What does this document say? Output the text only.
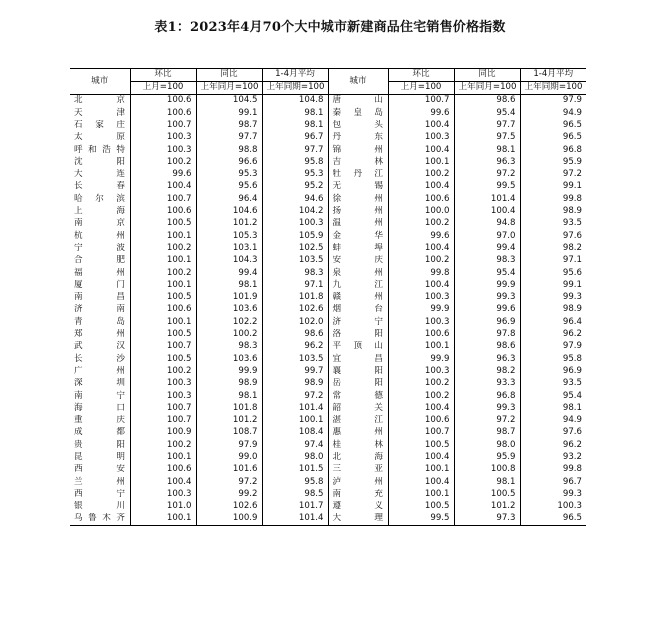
表1：2023年4月70个大中城市新建商品住宅销售价格指数
城市	环比	同比	1-4月平均	城市	环比	同比	1-4月平均
	上月=100	上年同月=100	上年同期=100		上月=100	上年同月=100	上年同期=100
北　京	100.6	104.5	104.8	唐　山	100.7	98.6	97.9
天　津	100.6	99.1	98.1	秦皇岛	99.6	95.4	94.9
石家庄	100.7	98.7	98.1	包　头	100.4	97.7	96.5
太　原	100.3	97.7	96.7	丹　东	100.3	97.5	96.5
呼和浩特	100.3	98.8	97.7	锦　州	100.4	98.1	96.8
沈　阳	100.2	96.6	95.8	吉　林	100.1	96.3	95.9
大　连	99.6	95.3	95.3	牡丹江	100.2	97.2	97.2
长　春	100.4	95.6	95.2	无　锡	100.4	99.5	99.1
哈尔滨	100.7	96.4	94.6	徐　州	100.6	101.4	99.8
上　海	100.6	104.6	104.2	扬　州	100.0	100.4	98.9
南　京	100.5	101.2	100.3	温　州	100.2	94.8	93.5
杭　州	100.1	105.3	105.9	金　华	99.6	97.0	97.6
宁　波	100.2	103.1	102.5	蚌　埠	100.4	99.4	98.2
合　肥	100.1	104.3	103.5	安　庆	100.2	98.3	97.1
福　州	100.2	99.4	98.3	泉　州	99.8	95.4	95.6
厦　门	100.1	98.1	97.1	九　江	100.4	99.9	99.1
南　昌	100.5	101.9	101.8	赣　州	100.3	99.3	99.3
济　南	100.6	103.6	102.6	烟　台	99.9	99.6	98.9
青　岛	100.1	102.2	102.0	济　宁	100.3	96.9	96.4
郑　州	100.5	100.2	98.6	洛　阳	100.6	97.8	96.2
武　汉	100.7	98.3	96.2	平顶山	100.1	98.6	97.9
长　沙	100.5	103.6	103.5	宜　昌	99.9	96.3	95.8
广　州	100.2	99.9	99.7	襄　阳	100.3	98.2	96.9
深　圳	100.3	98.9	98.9	岳　阳	100.2	93.3	93.5
南　宁	100.3	98.1	97.2	常　德	100.2	96.8	95.4
海　口	100.7	101.8	101.4	韶　关	100.4	99.3	98.1
重　庆	100.7	101.2	100.1	湛　江	100.6	97.2	94.9
成　都	100.9	108.7	108.4	惠　州	100.7	98.7	97.6
贵　阳	100.2	97.9	97.4	桂　林	100.5	98.0	96.2
昆　明	100.1	99.0	98.0	北　海	100.4	95.9	93.2
西　安	100.6	101.6	101.5	三　亚	100.1	100.8	99.8
兰　州	100.4	97.2	95.8	泸　州	100.4	98.1	96.7
西　宁	100.3	99.2	98.5	南　充	100.1	100.5	99.3
银　川	101.0	102.6	101.7	遵　义	100.5	101.2	100.3
乌鲁木齐	100.1	100.9	101.4	大　理	99.5	97.3	96.5
